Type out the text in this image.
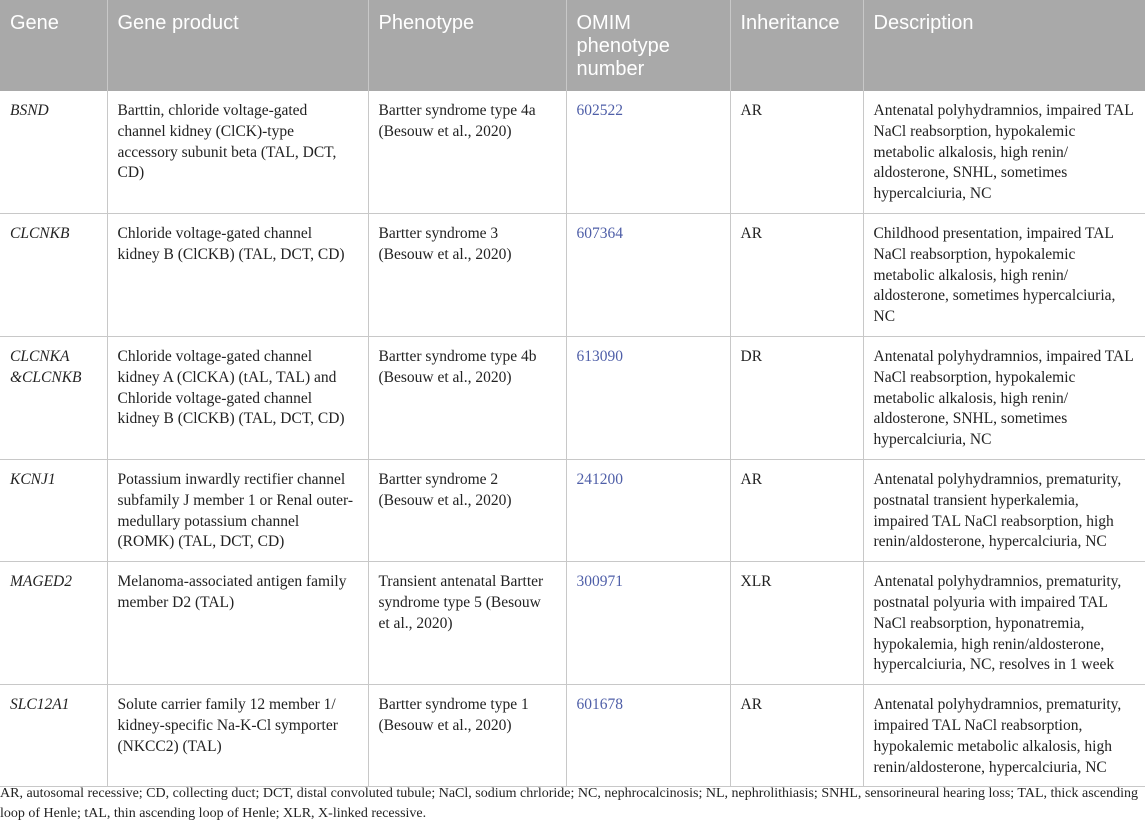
Gene	Gene product	Phenotype	OMIM phenotype number	Inheritance	Description
BSND	Barttin, chloride voltage-gated channel kidney (ClCK)-type accessory subunit beta (TAL, DCT, CD)	Bartter syndrome type 4a (Besouw et al., 2020)	602522	AR	Antenatal polyhydramnios, impaired TAL NaCl reabsorption, hypokalemic metabolic alkalosis, high renin/ aldosterone, SNHL, sometimes hypercalciuria, NC
CLCNKB	Chloride voltage-gated channel kidney B (ClCKB) (TAL, DCT, CD)	Bartter syndrome 3 (Besouw et al., 2020)	607364	AR	Childhood presentation, impaired TAL NaCl reabsorption, hypokalemic metabolic alkalosis, high renin/ aldosterone, sometimes hypercalciuria, NC
CLCNKA &CLCNKB	Chloride voltage-gated channel kidney A (ClCKA) (tAL, TAL) and Chloride voltage-gated channel kidney B (ClCKB) (TAL, DCT, CD)	Bartter syndrome type 4b (Besouw et al., 2020)	613090	DR	Antenatal polyhydramnios, impaired TAL NaCl reabsorption, hypokalemic metabolic alkalosis, high renin/ aldosterone, SNHL, sometimes hypercalciuria, NC
KCNJ1	Potassium inwardly rectifier channel subfamily J member 1 or Renal outer-medullary potassium channel (ROMK) (TAL, DCT, CD)	Bartter syndrome 2 (Besouw et al., 2020)	241200	AR	Antenatal polyhydramnios, prematurity, postnatal transient hyperkalemia, impaired TAL NaCl reabsorption, high renin/aldosterone, hypercalciuria, NC
MAGED2	Melanoma-associated antigen family member D2 (TAL)	Transient antenatal Bartter syndrome type 5 (Besouw et al., 2020)	300971	XLR	Antenatal polyhydramnios, prematurity, postnatal polyuria with impaired TAL NaCl reabsorption, hyponatremia, hypokalemia, high renin/aldosterone, hypercalciuria, NC, resolves in 1 week
SLC12A1	Solute carrier family 12 member 1/ kidney-specific Na-K-Cl symporter (NKCC2) (TAL)	Bartter syndrome type 1 (Besouw et al., 2020)	601678	AR	Antenatal polyhydramnios, prematurity, impaired TAL NaCl reabsorption, hypokalemic metabolic alkalosis, high renin/aldosterone, hypercalciuria, NC
AR, autosomal recessive; CD, collecting duct; DCT, distal convoluted tubule; NaCl, sodium chrloride; NC, nephrocalcinosis; NL, nephrolithiasis; SNHL, sensorineural hearing loss; TAL, thick ascending loop of Henle; tAL, thin ascending loop of Henle; XLR, X-linked recessive.
